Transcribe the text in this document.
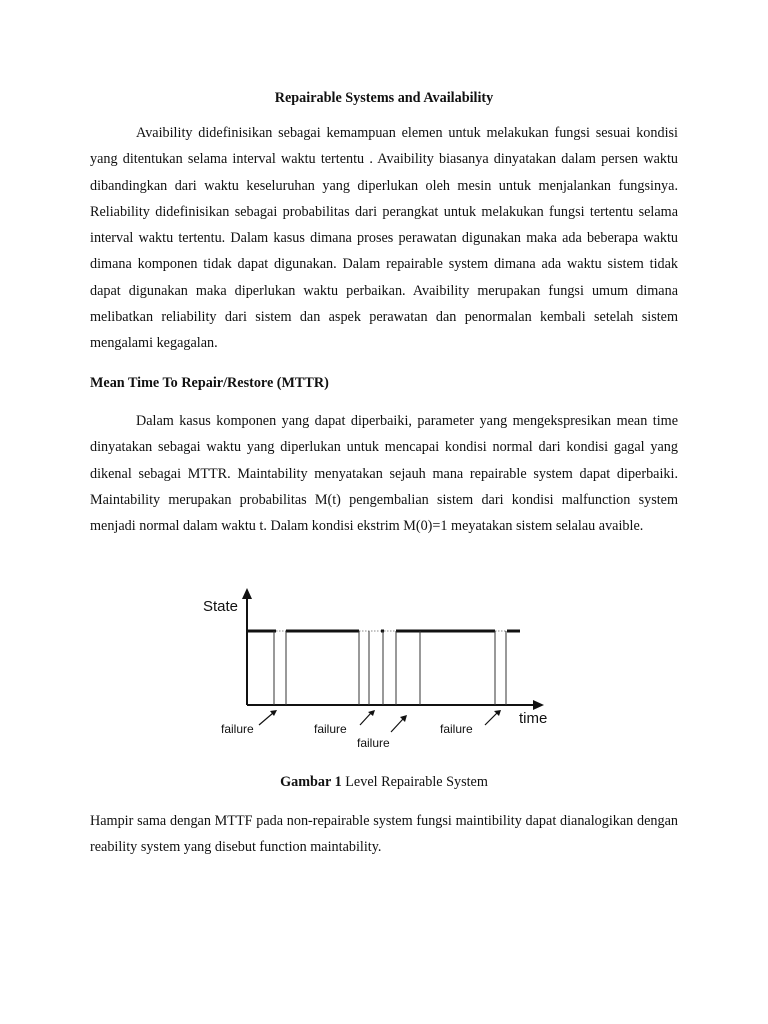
Repairable Systems and Availability

Avaibility didefinisikan sebagai kemampuan elemen untuk melakukan fungsi sesuai kondisi yang ditentukan selama interval waktu tertentu . Avaibility biasanya dinyatakan dalam persen waktu dibandingkan dari waktu keseluruhan yang diperlukan oleh mesin untuk menjalankan fungsinya. Reliability didefinisikan sebagai probabilitas dari perangkat untuk melakukan fungsi tertentu selama interval waktu tertentu. Dalam kasus dimana proses perawatan digunakan maka ada beberapa waktu dimana komponen tidak dapat digunakan. Dalam repairable system dimana ada waktu sistem tidak dapat digunakan maka diperlukan waktu perbaikan. Avaibility merupakan fungsi umum dimana melibatkan reliability dari sistem dan aspek perawatan dan penormalan kembali setelah sistem mengalami kegagalan.

Mean Time To Repair/Restore (MTTR)

Dalam kasus komponen yang dapat diperbaiki, parameter yang mengekspresikan mean time dinyatakan sebagai waktu yang diperlukan untuk mencapai kondisi normal dari kondisi gagal yang dikenal sebagai MTTR. Maintability menyatakan sejauh mana repairable system dapat diperbaiki. Maintability merupakan probabilitas M(t) pengembalian sistem dari kondisi malfunction system menjadi normal dalam waktu t. Dalam kondisi ekstrim M(0)=1 meyatakan sistem selalau avaible.

State
time
failure	failure
failure
failure
Gambar 1 Level Repairable System

Hampir sama dengan MTTF pada non-repairable system fungsi maintibility dapat dianalogikan dengan reability system yang disebut function maintability.
